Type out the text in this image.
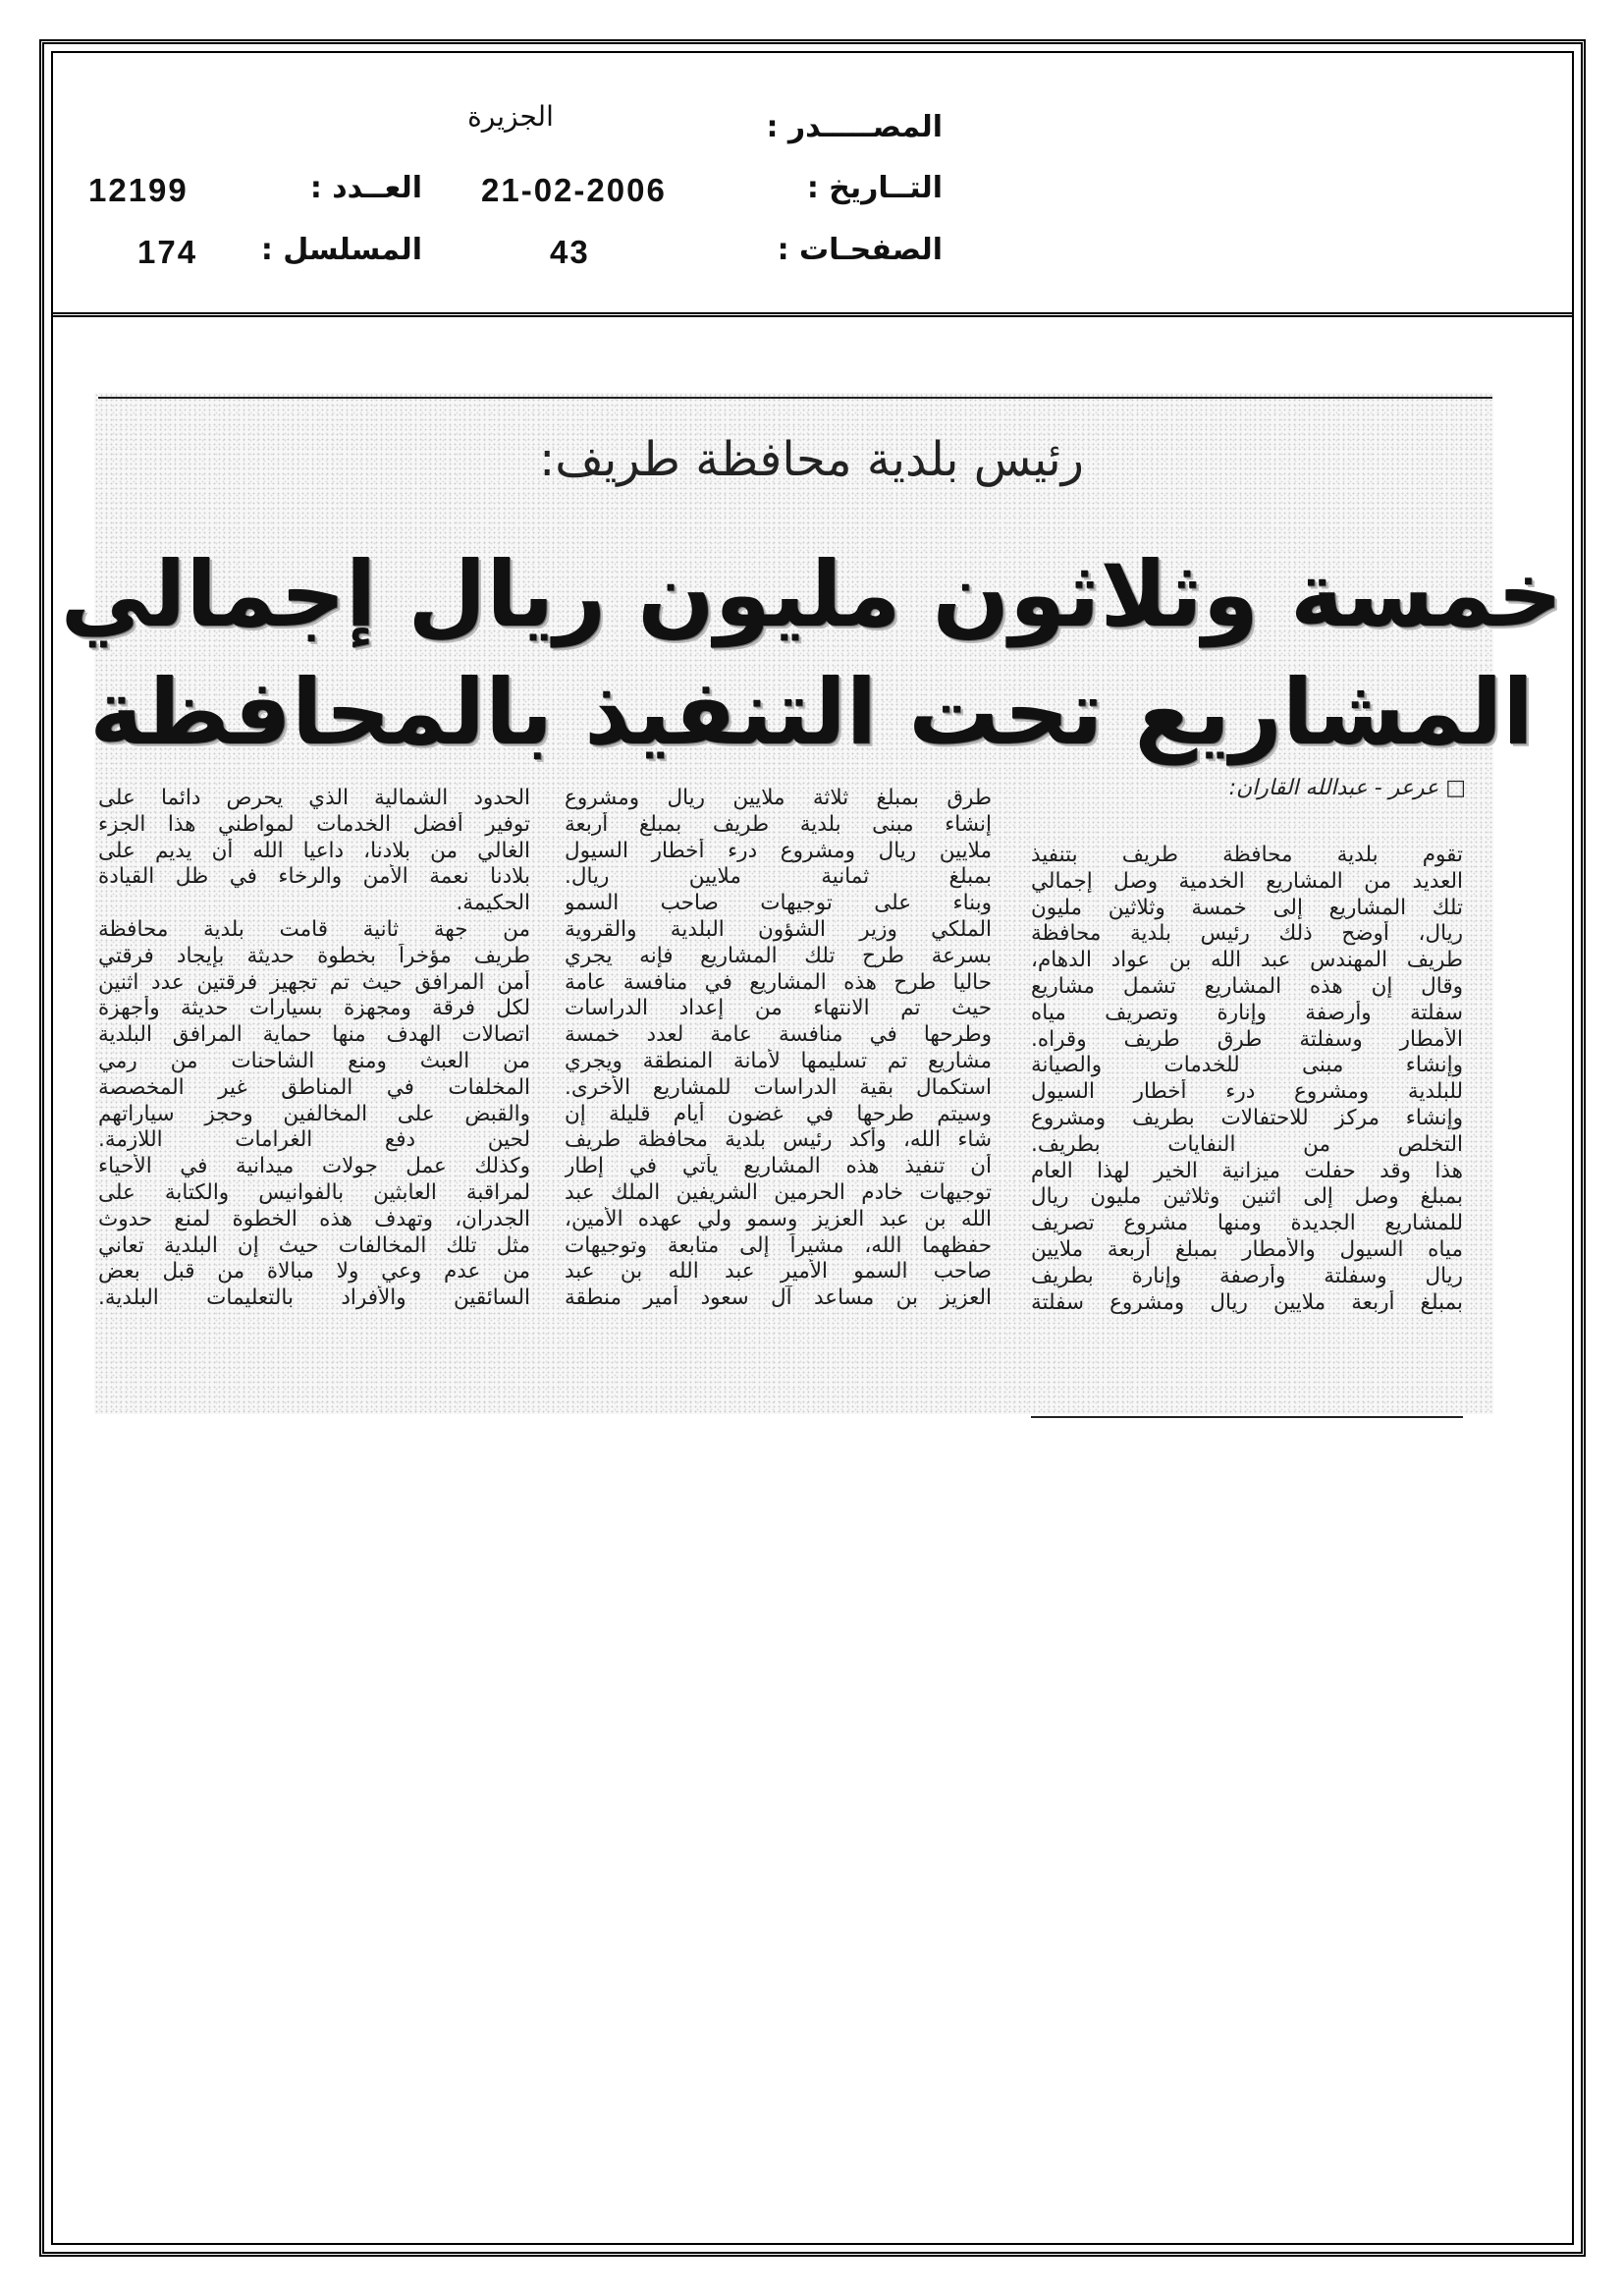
المصـــــدر :
الجزيرة
التــاريخ :
21-02-2006
الصفحـات :
43
العــدد :
12199
المسلسل :
174
رئيس بلدية محافظة طريف:
خمسة وثلاثون مليون ريال إجمالي
المشاريع تحت التنفيذ بالمحافظة
□ عرعر - عبدالله القاران:
تقوم بلدية محافظة طريف بتنفيذ
العديد من المشاريع الخدمية وصل إجمالي
تلك المشاريع إلى خمسة وثلاثين مليون
ريال، أوضح ذلك رئيس بلدية محافظة
طريف المهندس عبد الله بن عواد الدهام،
وقال إن هذه المشاريع تشمل مشاريع
سفلتة وأرصفة وإنارة وتصريف مياه
الأمطار وسفلتة طرق طريف وقراه.
وإنشاء مبنى للخدمات والصيانة
للبلدية ومشروع درء أخطار السيول
وإنشاء مركز للاحتفالات بطريف ومشروع
التخلص من النفايات بطريف.
هذا وقد حفلت ميزانية الخير لهذا العام
بمبلغ وصل إلى اثنين وثلاثين مليون ريال
للمشاريع الجديدة ومنها مشروع تصريف
مياه السيول والأمطار بمبلغ أربعة ملايين
ريال وسفلتة وأرصفة وإنارة بطريف
بمبلغ أربعة ملايين ريال ومشروع سفلتة
طرق بمبلغ ثلاثة ملايين ريال ومشروع
إنشاء مبنى بلدية طريف بمبلغ أربعة
ملايين ريال ومشروع درء أخطار السيول
بمبلغ ثمانية ملايين ريال.
وبناء على توجيهات صاحب السمو
الملكي وزير الشؤون البلدية والقروية
بسرعة طرح تلك المشاريع فإنه يجري
حاليا طرح هذه المشاريع في منافسة عامة
حيث تم الانتهاء من إعداد الدراسات
وطرحها في منافسة عامة لعدد خمسة
مشاريع تم تسليمها لأمانة المنطقة ويجري
استكمال بقية الدراسات للمشاريع الأخرى.
وسيتم طرحها في غضون أيام قليلة إن
شاء الله، وأكد رئيس بلدية محافظة طريف
أن تنفيذ هذه المشاريع يأتي في إطار
توجيهات خادم الحرمين الشريفين الملك عبد
الله بن عبد العزيز وسمو ولي عهده الأمين،
حفظهما الله، مشيراً إلى متابعة وتوجيهات
صاحب السمو الأمير عبد الله بن عبد
العزيز بن مساعد آل سعود أمير منطقة
الحدود الشمالية الذي يحرص دائما على
توفير أفضل الخدمات لمواطني هذا الجزء
الغالي من بلادنا، داعيا الله أن يديم على
بلادنا نعمة الأمن والرخاء في ظل القيادة
الحكيمة.
من جهة ثانية قامت بلدية محافظة
طريف مؤخراً بخطوة حديثة بإيجاد فرقتي
أمن المرافق حيث تم تجهيز فرقتين عدد اثنين
لكل فرقة ومجهزة بسيارات حديثة وأجهزة
اتصالات الهدف منها حماية المرافق البلدية
من العبث ومنع الشاحنات من رمي
المخلفات في المناطق غير المخصصة
والقبض على المخالفين وحجز سياراتهم
لحين دفع الغرامات اللازمة.
وكذلك عمل جولات ميدانية في الأحياء
لمراقبة العابثين بالفوانيس والكتابة على
الجدران، وتهدف هذه الخطوة لمنع حدوث
مثل تلك المخالفات حيث إن البلدية تعاني
من عدم وعي ولا مبالاة من قبل بعض
السائقين والأفراد بالتعليمات البلدية.
